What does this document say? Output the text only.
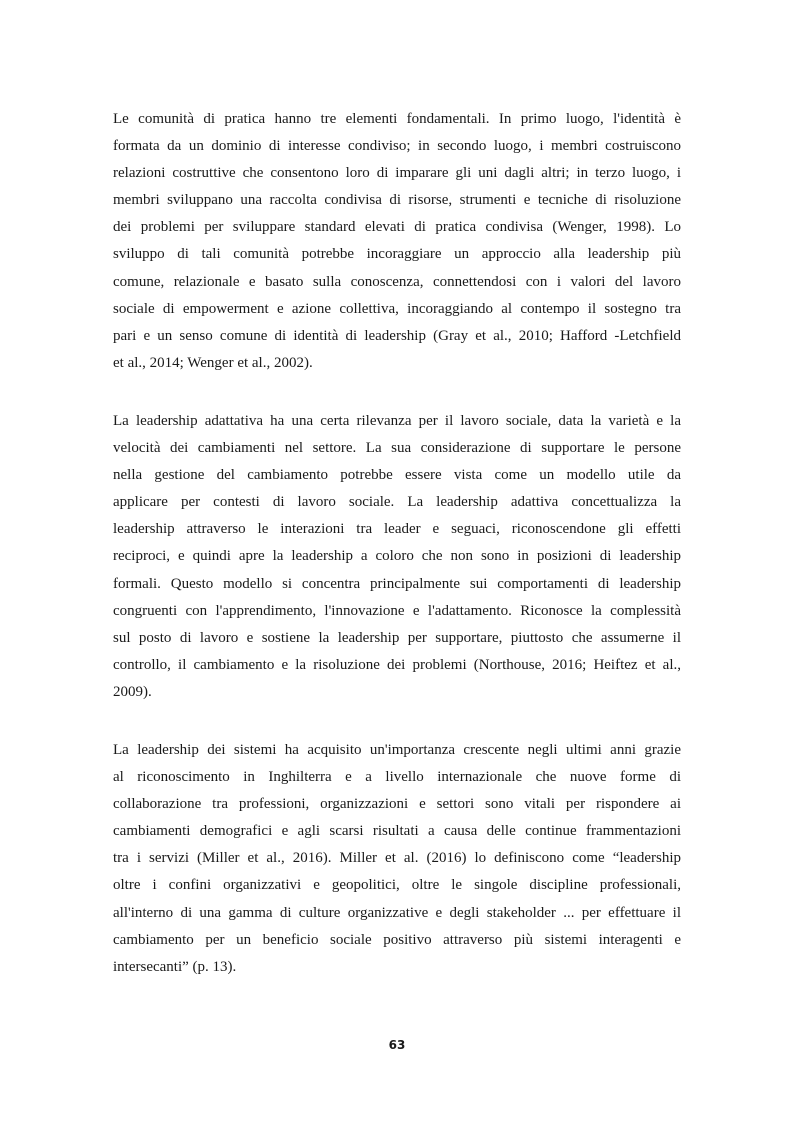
Le comunità di pratica hanno tre elementi fondamentali. In primo luogo, l'identità è
formata da un dominio di interesse condiviso; in secondo luogo, i membri costruiscono
relazioni costruttive che consentono loro di imparare gli uni dagli altri; in terzo luogo, i
membri sviluppano una raccolta condivisa di risorse, strumenti e tecniche di risoluzione
dei problemi per sviluppare standard elevati di pratica condivisa (Wenger, 1998). Lo
sviluppo di tali comunità potrebbe incoraggiare un approccio alla leadership più
comune, relazionale e basato sulla conoscenza, connettendosi con i valori del lavoro
sociale di empowerment e azione collettiva, incoraggiando al contempo il sostegno tra
pari e un senso comune di identità di leadership (Gray et al., 2010; Hafford -Letchfield
et al., 2014; Wenger et al., 2002).

La leadership adattativa ha una certa rilevanza per il lavoro sociale, data la varietà e la
velocità dei cambiamenti nel settore. La sua considerazione di supportare le persone
nella gestione del cambiamento potrebbe essere vista come un modello utile da
applicare per contesti di lavoro sociale. La leadership adattiva concettualizza la
leadership attraverso le interazioni tra leader e seguaci, riconoscendone gli effetti
reciproci, e quindi apre la leadership a coloro che non sono in posizioni di leadership
formali. Questo modello si concentra principalmente sui comportamenti di leadership
congruenti con l'apprendimento, l'innovazione e l'adattamento. Riconosce la complessità
sul posto di lavoro e sostiene la leadership per supportare, piuttosto che assumerne il
controllo, il cambiamento e la risoluzione dei problemi (Northouse, 2016; Heiftez et al.,
2009).

La leadership dei sistemi ha acquisito un'importanza crescente negli ultimi anni grazie
al riconoscimento in Inghilterra e a livello internazionale che nuove forme di
collaborazione tra professioni, organizzazioni e settori sono vitali per rispondere ai
cambiamenti demografici e agli scarsi risultati a causa delle continue frammentazioni
tra i servizi (Miller et al., 2016). Miller et al. (2016) lo definiscono come “leadership
oltre i confini organizzativi e geopolitici, oltre le singole discipline professionali,
all'interno di una gamma di culture organizzative e degli stakeholder ... per effettuare il
cambiamento per un beneficio sociale positivo attraverso più sistemi interagenti e
intersecanti” (p. 13).

63
